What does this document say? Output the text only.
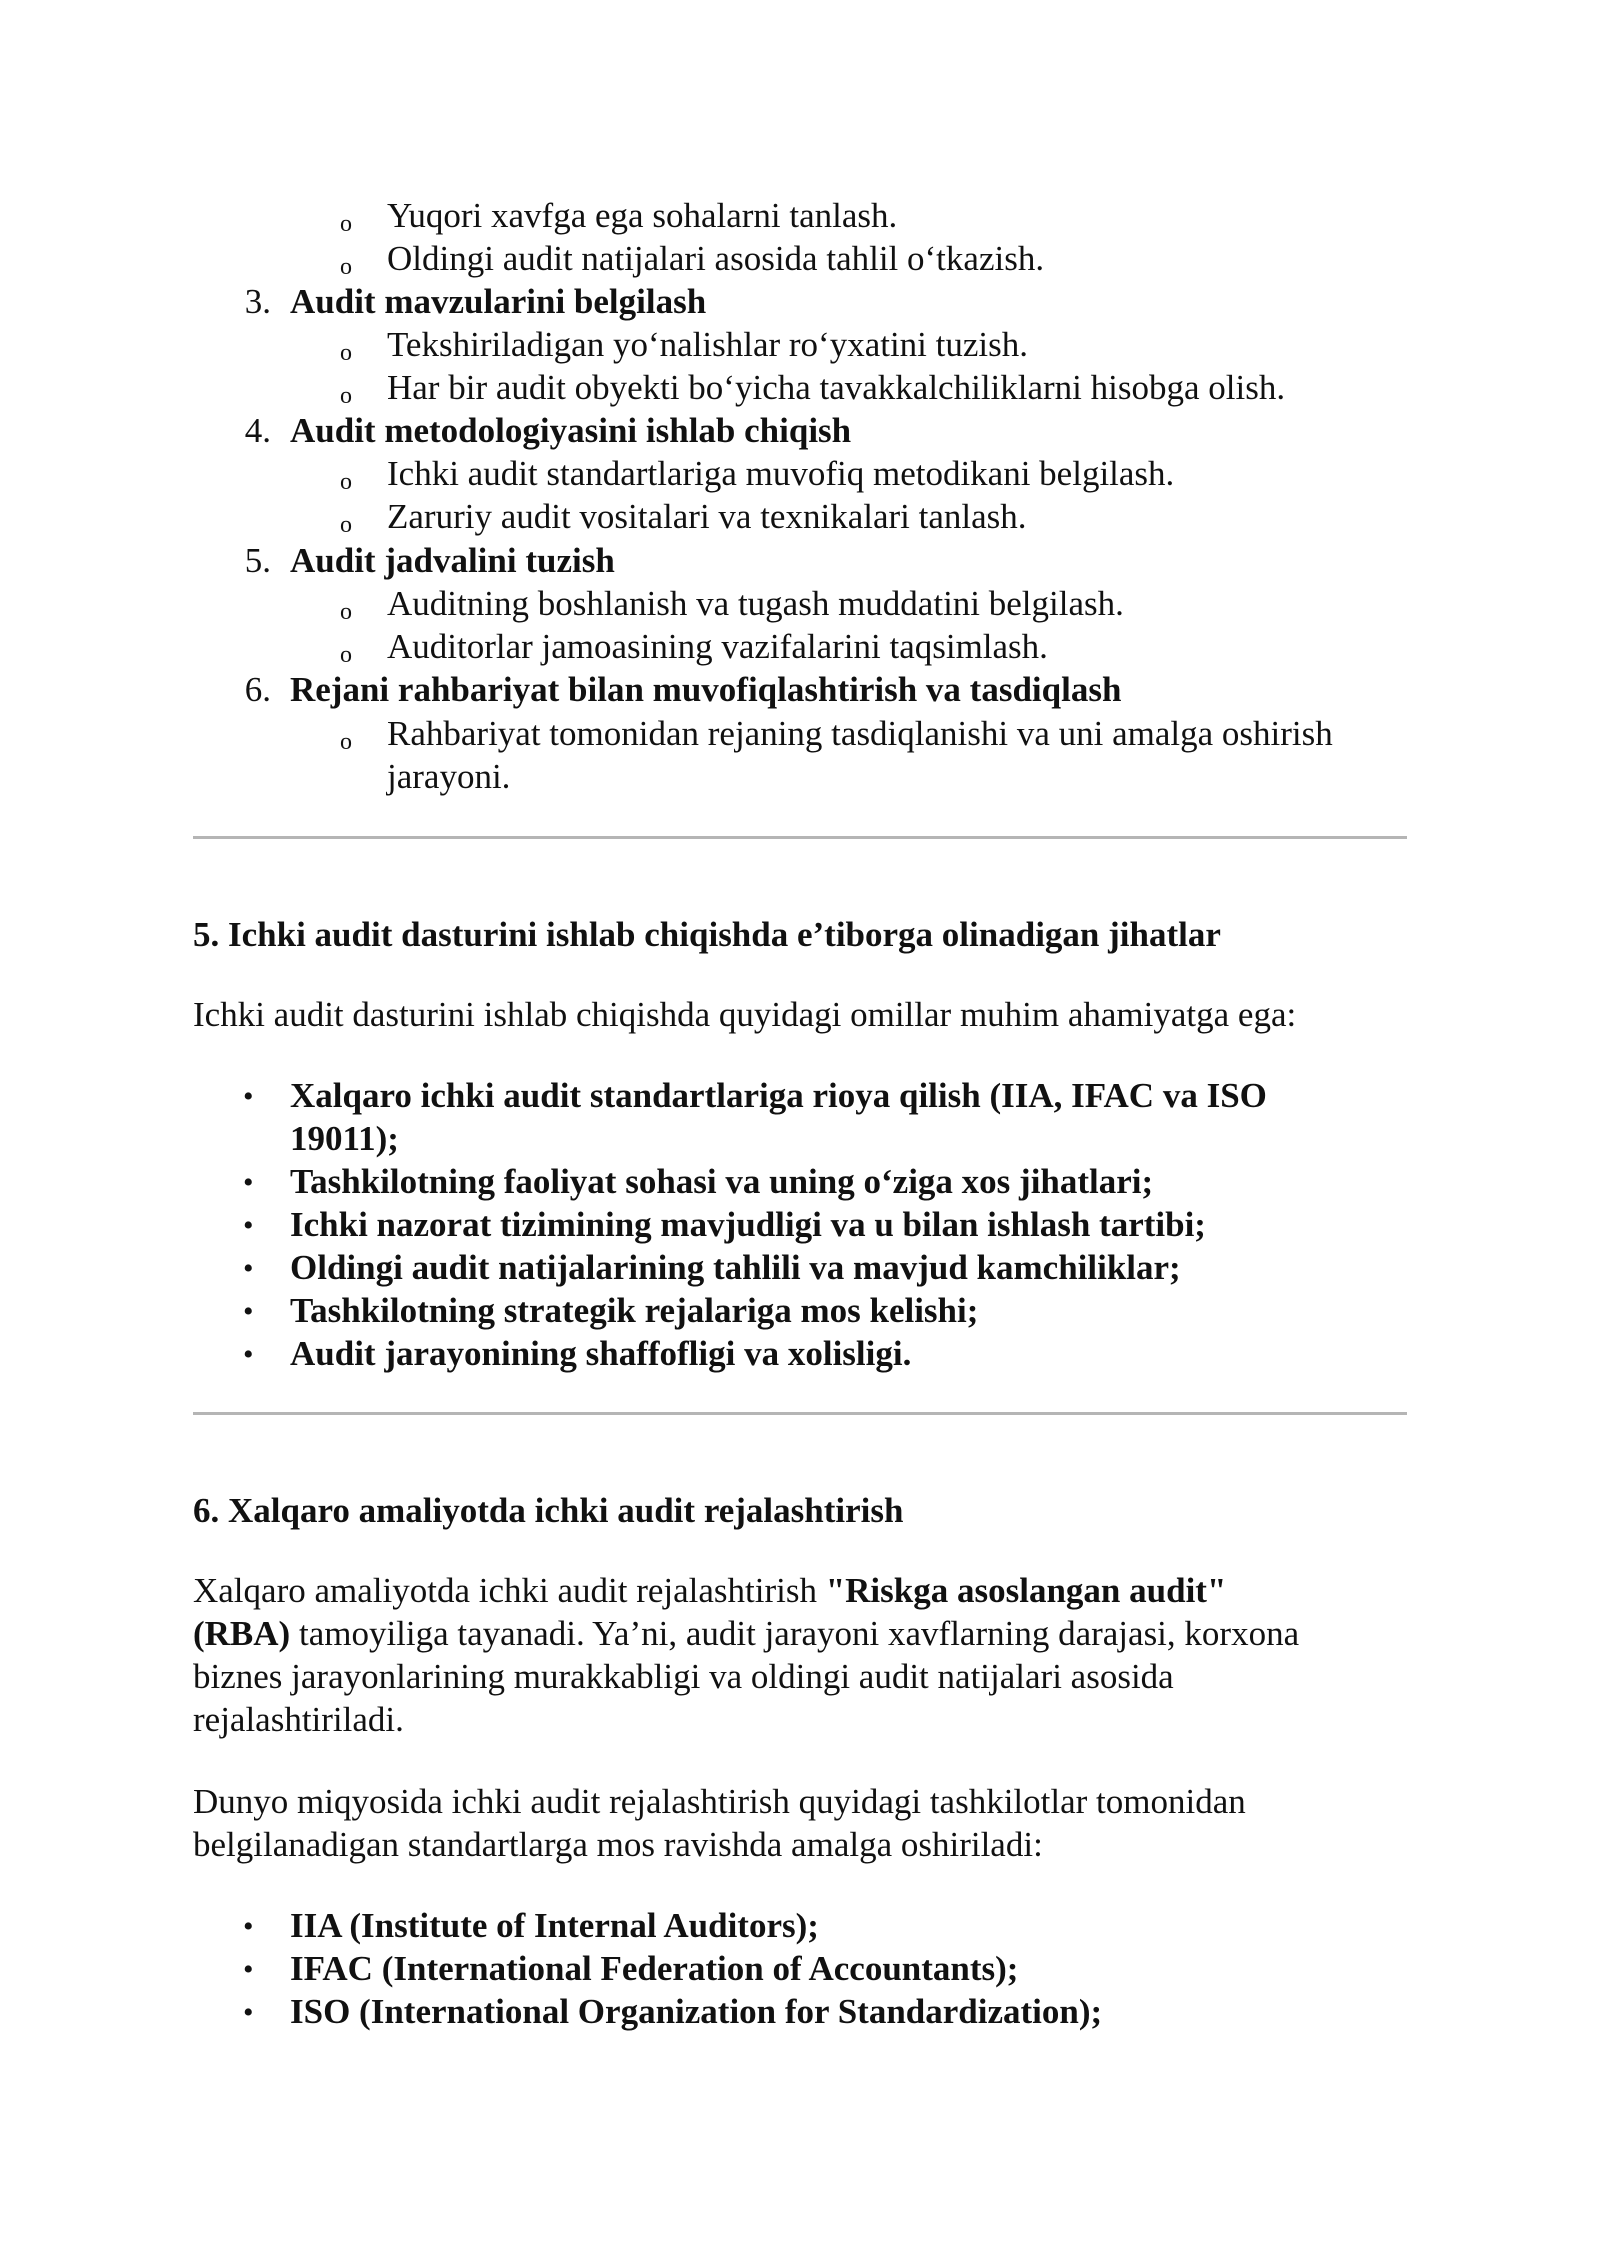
o Yuqori xavfga ega sohalarni tanlash.
o Oldingi audit natijalari asosida tahlil o‘tkazish.
3. Audit mavzularini belgilash
o Tekshiriladigan yo‘nalishlar ro‘yxatini tuzish.
o Har bir audit obyekti bo‘yicha tavakkalchiliklarni hisobga olish.
4. Audit metodologiyasini ishlab chiqish
o Ichki audit standartlariga muvofiq metodikani belgilash.
o Zaruriy audit vositalari va texnikalari tanlash.
5. Audit jadvalini tuzish
o Auditning boshlanish va tugash muddatini belgilash.
o Auditorlar jamoasining vazifalarini taqsimlash.
6. Rejani rahbariyat bilan muvofiqlashtirish va tasdiqlash
o Rahbariyat tomonidan rejaning tasdiqlanishi va uni amalga oshirish
jarayoni.
5. Ichki audit dasturini ishlab chiqishda e’tiborga olinadigan jihatlar
Ichki audit dasturini ishlab chiqishda quyidagi omillar muhim ahamiyatga ega:
• Xalqaro ichki audit standartlariga rioya qilish (IIA, IFAC va ISO
19011);
• Tashkilotning faoliyat sohasi va uning o‘ziga xos jihatlari;
• Ichki nazorat tizimining mavjudligi va u bilan ishlash tartibi;
• Oldingi audit natijalarining tahlili va mavjud kamchiliklar;
• Tashkilotning strategik rejalariga mos kelishi;
• Audit jarayonining shaffofligi va xolisligi.
6. Xalqaro amaliyotda ichki audit rejalashtirish
Xalqaro amaliyotda ichki audit rejalashtirish "Riskga asoslangan audit"
(RBA) tamoyiliga tayanadi. Ya’ni, audit jarayoni xavflarning darajasi, korxona
biznes jarayonlarining murakkabligi va oldingi audit natijalari asosida
rejalashtiriladi.
Dunyo miqyosida ichki audit rejalashtirish quyidagi tashkilotlar tomonidan
belgilanadigan standartlarga mos ravishda amalga oshiriladi:
• IIA (Institute of Internal Auditors);
• IFAC (International Federation of Accountants);
• ISO (International Organization for Standardization);
